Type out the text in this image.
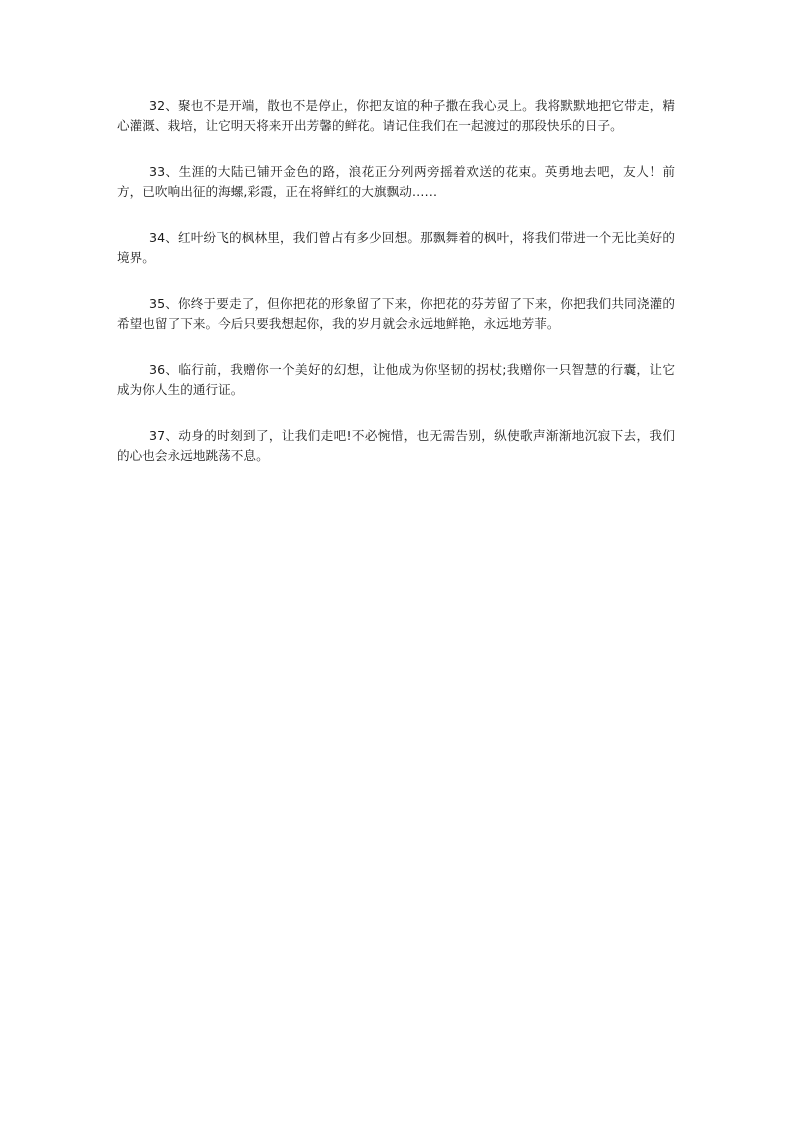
32、聚也不是开端，散也不是停止，你把友谊的种子撒在我心灵上。我将默默地把它带走，精心灌溉、栽培，让它明天将来开出芳馨的鲜花。请记住我们在一起渡过的那段快乐的日子。

33、生涯的大陆已铺开金色的路，浪花正分列两旁摇着欢送的花束。英勇地去吧，友人！前方，已吹响出征的海螺,彩霞，正在将鲜红的大旗飘动……

34、红叶纷飞的枫林里，我们曾占有多少回想。那飘舞着的枫叶，将我们带进一个无比美好的境界。

35、你终于要走了，但你把花的形象留了下来，你把花的芬芳留了下来，你把我们共同浇灌的希望也留了下来。今后只要我想起你，我的岁月就会永远地鲜艳，永远地芳菲。

36、临行前，我赠你一个美好的幻想，让他成为你坚韧的拐杖;我赠你一只智慧的行囊，让它成为你人生的通行证。

37、动身的时刻到了，让我们走吧!不必惋惜，也无需告别，纵使歌声渐渐地沉寂下去，我们的心也会永远地跳荡不息。
